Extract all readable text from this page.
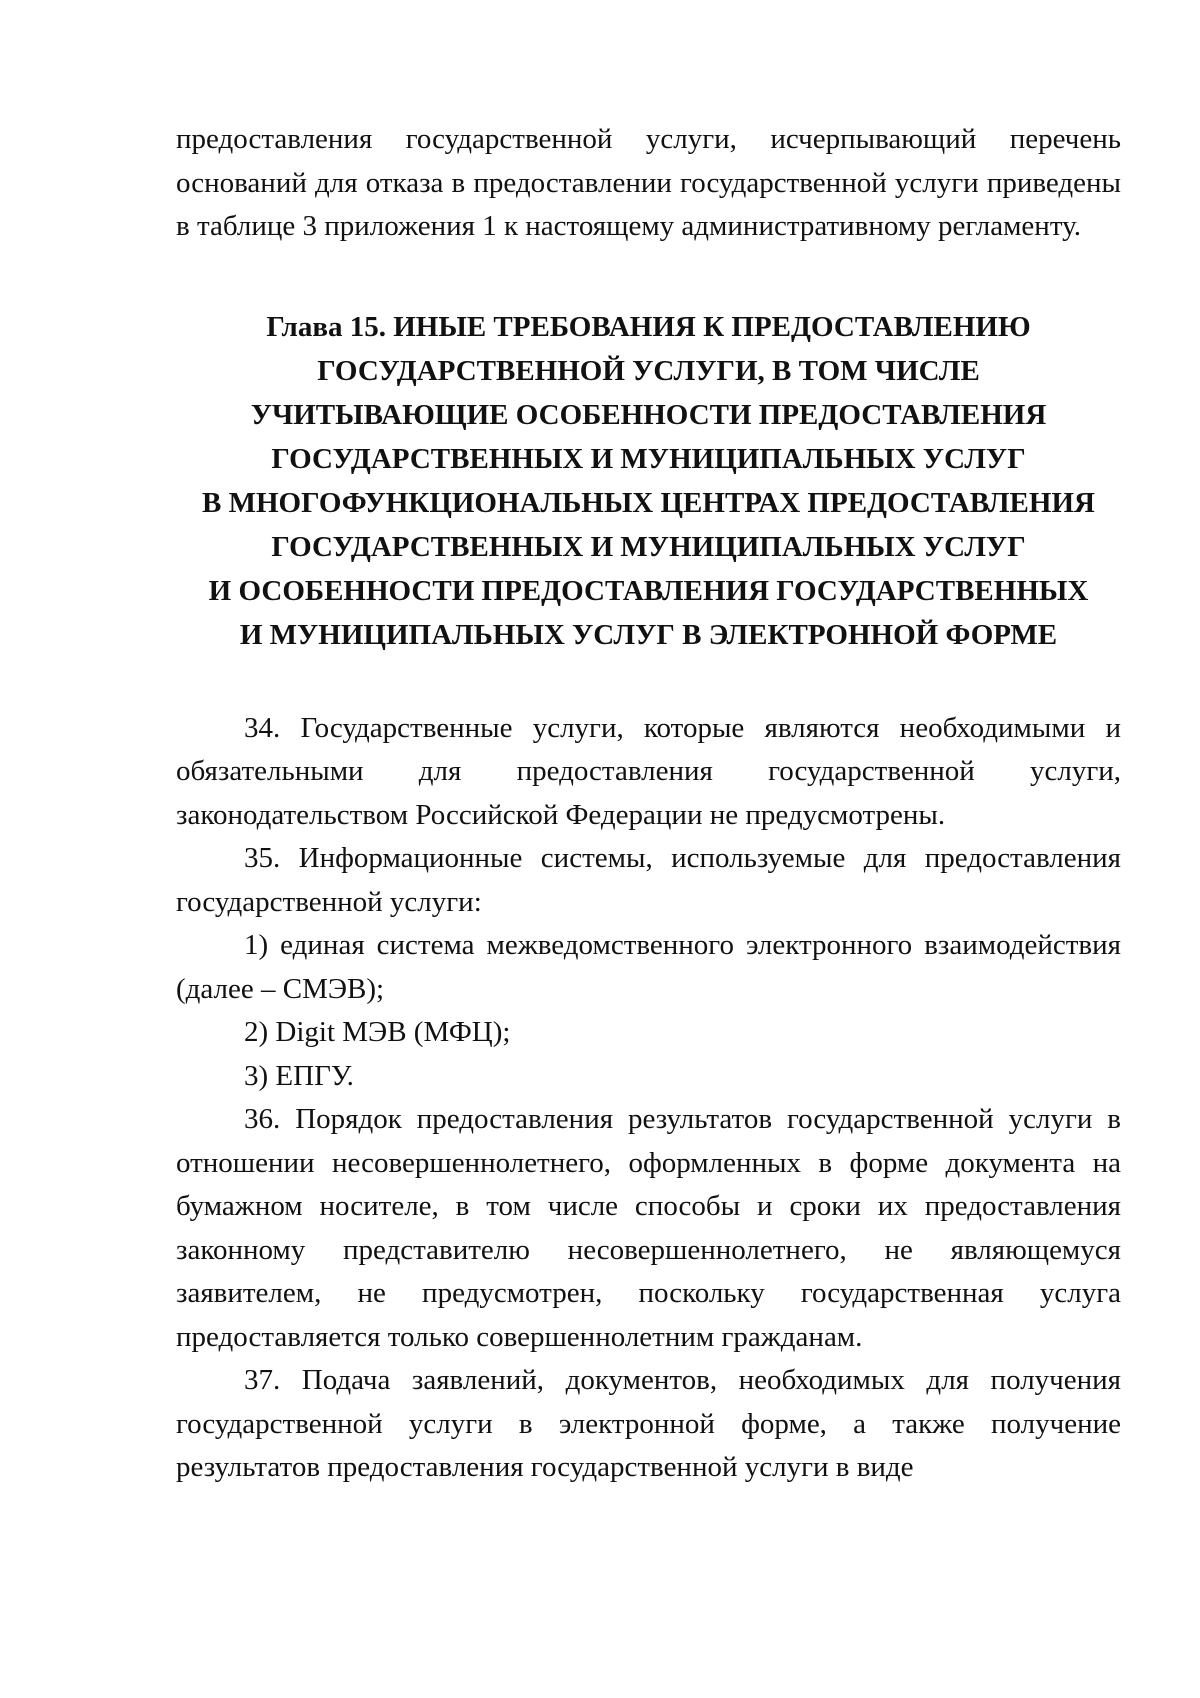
предоставления государственной услуги, исчерпывающий перечень оснований для отказа в предоставлении государственной услуги приведены в таблице 3 приложения 1 к настоящему административному регламенту.

Глава 15. ИНЫЕ ТРЕБОВАНИЯ К ПРЕДОСТАВЛЕНИЮ
ГОСУДАРСТВЕННОЙ УСЛУГИ, В ТОМ ЧИСЛЕ
УЧИТЫВАЮЩИЕ ОСОБЕННОСТИ ПРЕДОСТАВЛЕНИЯ
ГОСУДАРСТВЕННЫХ И МУНИЦИПАЛЬНЫХ УСЛУГ
В МНОГОФУНКЦИОНАЛЬНЫХ ЦЕНТРАХ ПРЕДОСТАВЛЕНИЯ
ГОСУДАРСТВЕННЫХ И МУНИЦИПАЛЬНЫХ УСЛУГ
И ОСОБЕННОСТИ ПРЕДОСТАВЛЕНИЯ ГОСУДАРСТВЕННЫХ
И МУНИЦИПАЛЬНЫХ УСЛУГ В ЭЛЕКТРОННОЙ ФОРМЕ

34. Государственные услуги, которые являются необходимыми и обязательными для предоставления государственной услуги, законодательством Российской Федерации не предусмотрены.

35. Информационные системы, используемые для предоставления государственной услуги:

1) единая система межведомственного электронного взаимодействия (далее – СМЭВ);

2) Digit МЭВ (МФЦ);

3) ЕПГУ.

36. Порядок предоставления результатов государственной услуги в отношении несовершеннолетнего, оформленных в форме документа на бумажном носителе, в том числе способы и сроки их предоставления законному представителю несовершеннолетнего, не являющемуся заявителем, не предусмотрен, поскольку государственная услуга предоставляется только совершеннолетним гражданам.

37. Подача заявлений, документов, необходимых для получения государственной услуги в электронной форме, а также получение результатов предоставления государственной услуги в виде
